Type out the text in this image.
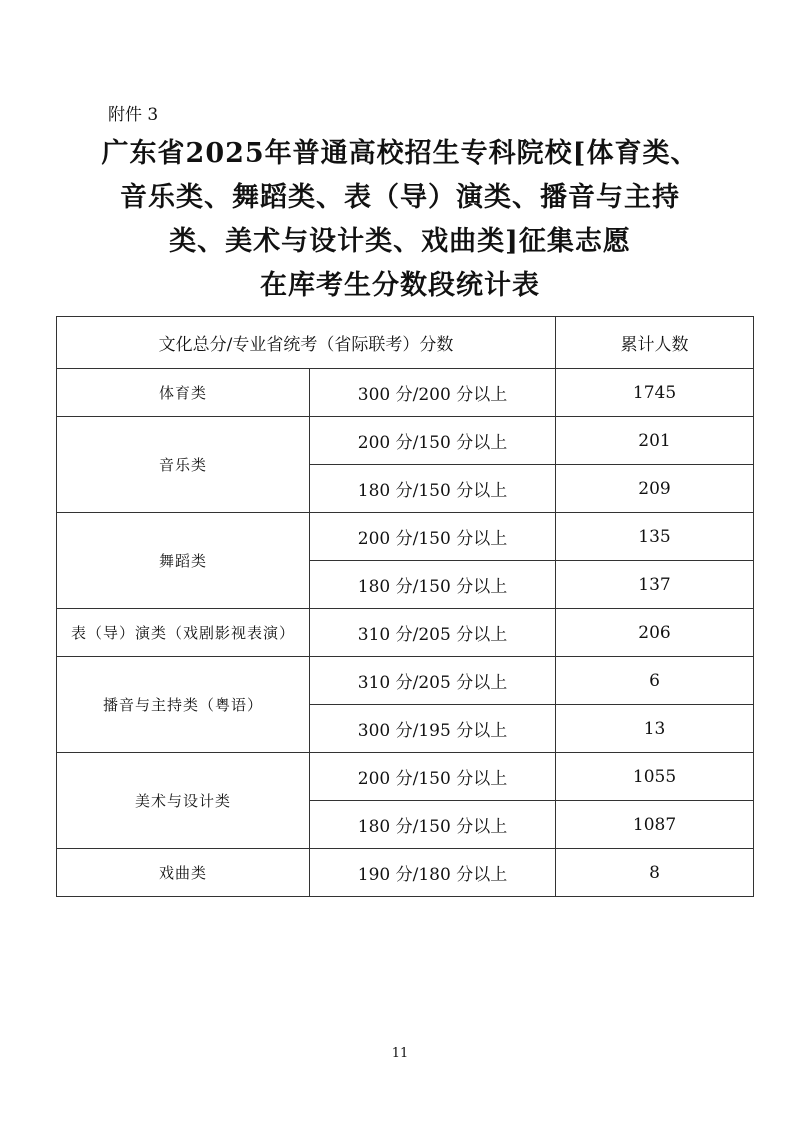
附件 3
广东省2025年普通高校招生专科院校[体育类、
音乐类、舞蹈类、表（导）演类、播音与主持
类、美术与设计类、戏曲类]征集志愿
在库考生分数段统计表
文化总分/专业省统考（省际联考）分数		累计人数
体育类	300 分/200 分以上	1745
音乐类	200 分/150 分以上	201
	180 分/150 分以上	209
舞蹈类	200 分/150 分以上	135
	180 分/150 分以上	137
表（导）演类（戏剧影视表演）	310 分/205 分以上	206
播音与主持类（粤语）	310 分/205 分以上	6
	300 分/195 分以上	13
美术与设计类	200 分/150 分以上	1055
	180 分/150 分以上	1087
戏曲类	190 分/180 分以上	8
11
